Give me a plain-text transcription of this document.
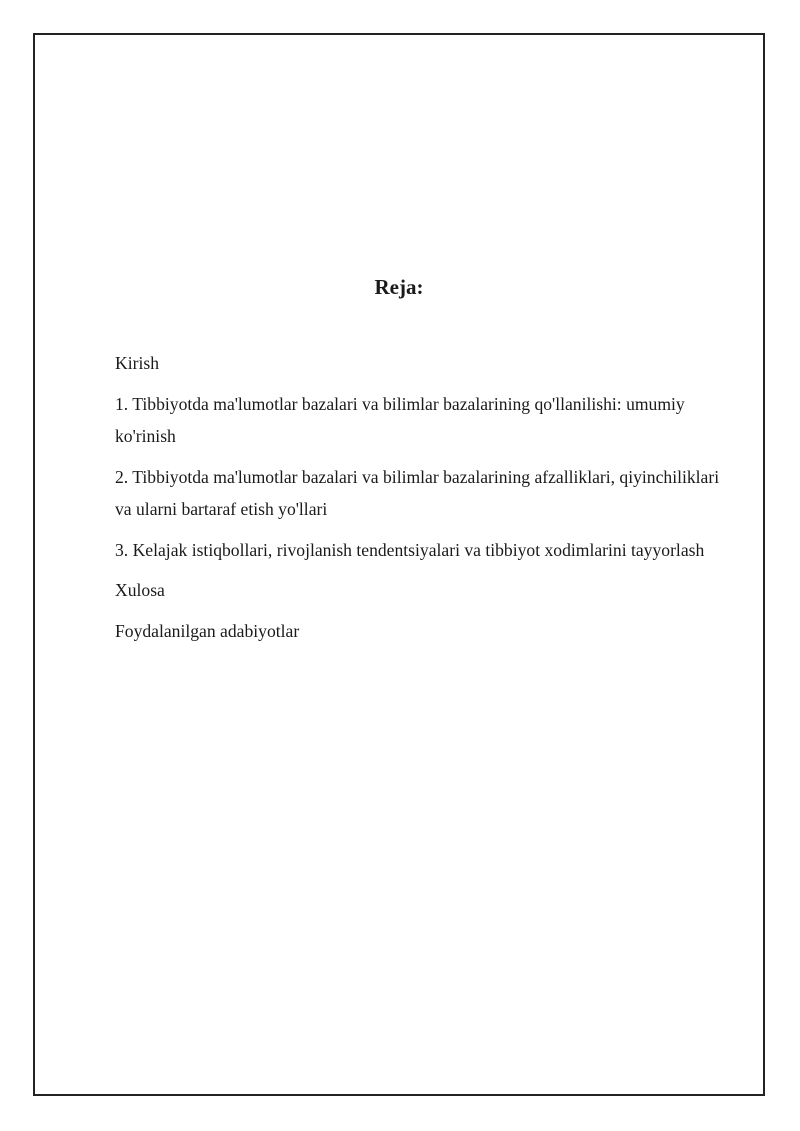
Reja:
Kirish
1. Tibbiyotda ma'lumotlar bazalari va bilimlar bazalarining qo'llanilishi: umumiy ko'rinish
2. Tibbiyotda ma'lumotlar bazalari va bilimlar bazalarining afzalliklari, qiyinchiliklari va ularni bartaraf etish yo'llari
3. Kelajak istiqbollari, rivojlanish tendentsiyalari va tibbiyot xodimlarini tayyorlash
Xulosa
Foydalanilgan adabiyotlar
